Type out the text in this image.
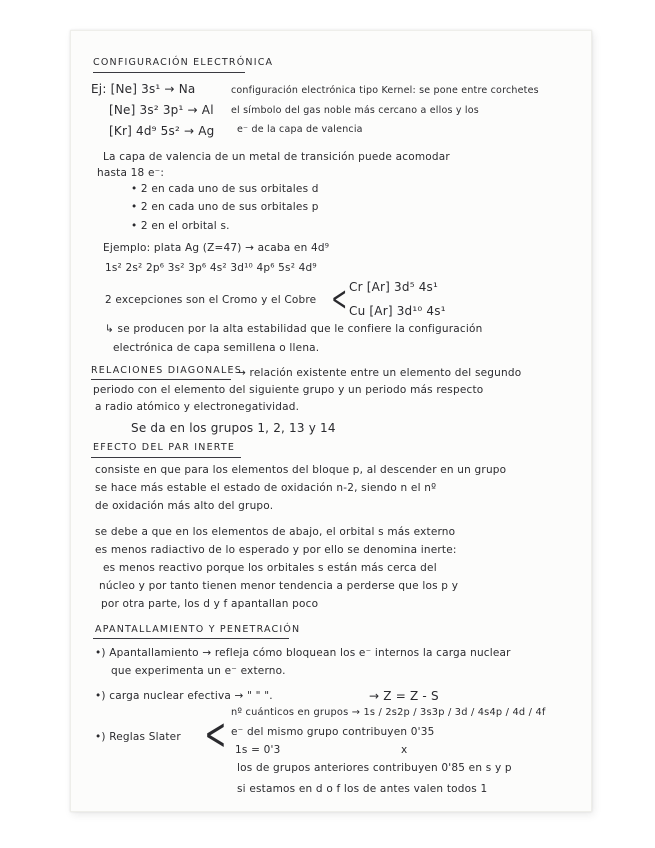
CONFIGURACIÓN ELECTRÓNICA
Ej: [Ne] 3s¹ → Na
[Ne] 3s² 3p¹ → Al
[Kr] 4d⁹ 5s² → Ag
configuración electrónica tipo Kernel: se pone entre corchetes
el símbolo del gas noble más cercano a ellos y los
e⁻ de la capa de valencia
La capa de valencia de un metal de transición puede acomodar
hasta 18 e⁻:
• 2 en cada uno de sus orbitales d
• 2 en cada uno de sus orbitales p
• 2 en el orbital s.
Ejemplo: plata Ag (Z=47) → acaba en 4d⁹
1s² 2s² 2p⁶ 3s² 3p⁶ 4s² 3d¹⁰ 4p⁶ 5s² 4d⁹
2 excepciones son el Cromo y el Cobre < Cr [Ar] 3d⁵ 4s¹
Cu [Ar] 3d¹⁰ 4s¹
↳ se producen por la alta estabilidad que le confiere la configuración
electrónica de capa semillena o llena.
RELACIONES DIAGONALES
→ relación existente entre un elemento del segundo
periodo con el elemento del siguiente grupo y un periodo más respecto
a radio atómico y electronegatividad.
Se da en los grupos 1, 2, 13 y 14
EFECTO DEL PAR INERTE
consiste en que para los elementos del bloque p, al descender en un grupo
se hace más estable el estado de oxidación n-2, siendo n el nº
de oxidación más alto del grupo.
se debe a que en los elementos de abajo, el orbital s más externo
es menos radiactivo de lo esperado y por ello se denomina inerte:
es menos reactivo porque los orbitales s están más cerca del
núcleo y por tanto tienen menor tendencia a perderse que los p y
por otra parte, los d y f apantallan poco
APANTALLAMIENTO Y PENETRACIÓN
•) Apantallamiento → refleja cómo bloquean los e⁻ internos la carga nuclear
que experimenta un e⁻ externo.
•) carga nuclear efectiva → " " ".	→ Z = Z - S
•) Reglas Slater < nº cuánticos en grupos → 1s / 2s2p / 3s3p / 3d / 4s4p / 4d / 4f
e⁻ del mismo grupo contribuyen 0'35
1s = 0'3	x
los de grupos anteriores contribuyen 0'85 en s y p
si estamos en d o f los de antes valen todos 1
